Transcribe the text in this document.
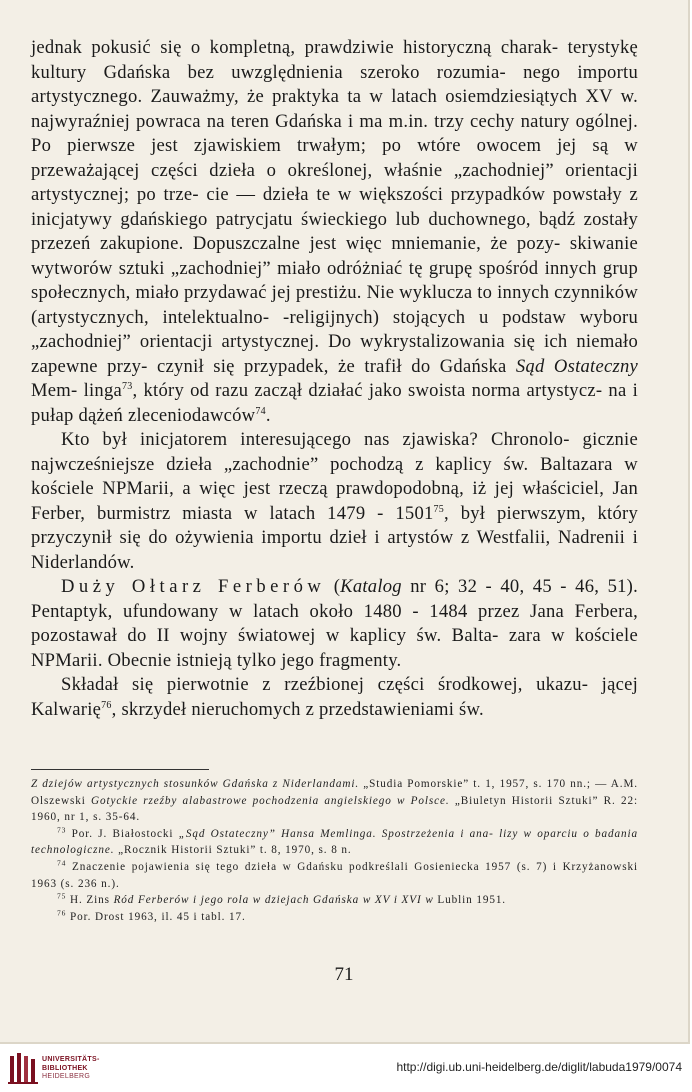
jednak pokusić się o kompletną, prawdziwie historyczną charak- terystykę kultury Gdańska bez uwzględnienia szeroko rozumia- nego importu artystycznego. Zauważmy, że praktyka ta w latach osiemdziesiątych XV w. najwyraźniej powraca na teren Gdańska i ma m.in. trzy cechy natury ogólnej. Po pierwsze jest zjawiskiem trwałym; po wtóre owocem jej są w przeważającej części dzieła o określonej, właśnie „zachodniej” orientacji artystycznej; po trze- cie — dzieła te w większości przypadków powstały z inicjatywy gdańskiego patrycjatu świeckiego lub duchownego, bądź zostały przezeń zakupione. Dopuszczalne jest więc mniemanie, że pozy- skiwanie wytworów sztuki „zachodniej” miało odróżniać tę grupę spośród innych grup społecznych, miało przydawać jej prestiżu. Nie wyklucza to innych czynników (artystycznych, intelektualno- -religijnych) stojących u podstaw wyboru „zachodniej” orientacji artystycznej. Do wykrystalizowania się ich niemało zapewne przy- czynił się przypadek, że trafił do Gdańska Sąd Ostateczny Mem- linga$^{73}$, który od razu zaczął działać jako swoista norma artystycz- na i pułap dążeń zleceniodawców$^{74}$.

Kto był inicjatorem interesującego nas zjawiska? Chronolo- gicznie najwcześniejsze dzieła „zachodnie” pochodzą z kaplicy św. Baltazara w kościele NPMarii, a więc jest rzeczą prawdopodobną, iż jej właściciel, Jan Ferber, burmistrz miasta w latach 1479 - 1501$^{75}$, był pierwszym, który przyczynił się do ożywienia importu dzieł i artystów z Westfalii, Nadrenii i Niderlandów.

Duży Ołtarz Ferberów (Katalog nr 6; 32 - 40, 45 - 46, 51). Pentaptyk, ufundowany w latach około 1480 - 1484 przez Jana Ferbera, pozostawał do II wojny światowej w kaplicy św. Balta- zara w kościele NPMarii. Obecnie istnieją tylko jego fragmenty.

Składał się pierwotnie z rzeźbionej części środkowej, ukazu- jącej Kalwarię$^{76}$, skrzydeł nieruchomych z przedstawieniami św.

Z dziejów artystycznych stosunków Gdańska z Niderlandami. „Studia Pomorskie” t. 1, 1957, s. 170 nn.; — A.M. Olszewski Gotyckie rzeźby alabastrowe pochodzenia angielskiego w Polsce. „Biuletyn Historii Sztuki” R. 22: 1960, nr 1, s. 35-64.

$^{73}$ Por. J. Białostocki „Sąd Ostateczny” Hansa Memlinga. Spostrzeżenia i ana- lizy w oparciu o badania technologiczne. „Rocznik Historii Sztuki” t. 8, 1970, s. 8 n.

$^{74}$ Znaczenie pojawienia się tego dzieła w Gdańsku podkreślali Gosieniecka 1957 (s. 7) i Krzyżanowski 1963 (s. 236 n.).

$^{75}$ H. Zins Ród Ferberów i jego rola w dziejach Gdańska w XV i XVI w Lublin 1951.

$^{76}$ Por. Drost 1963, il. 45 i tabl. 17.

71
UNIVERSITÄTS-
BIBLIOTHEK
HEIDELBERG
http://digi.ub.uni-heidelberg.de/diglit/labuda1979/0074
